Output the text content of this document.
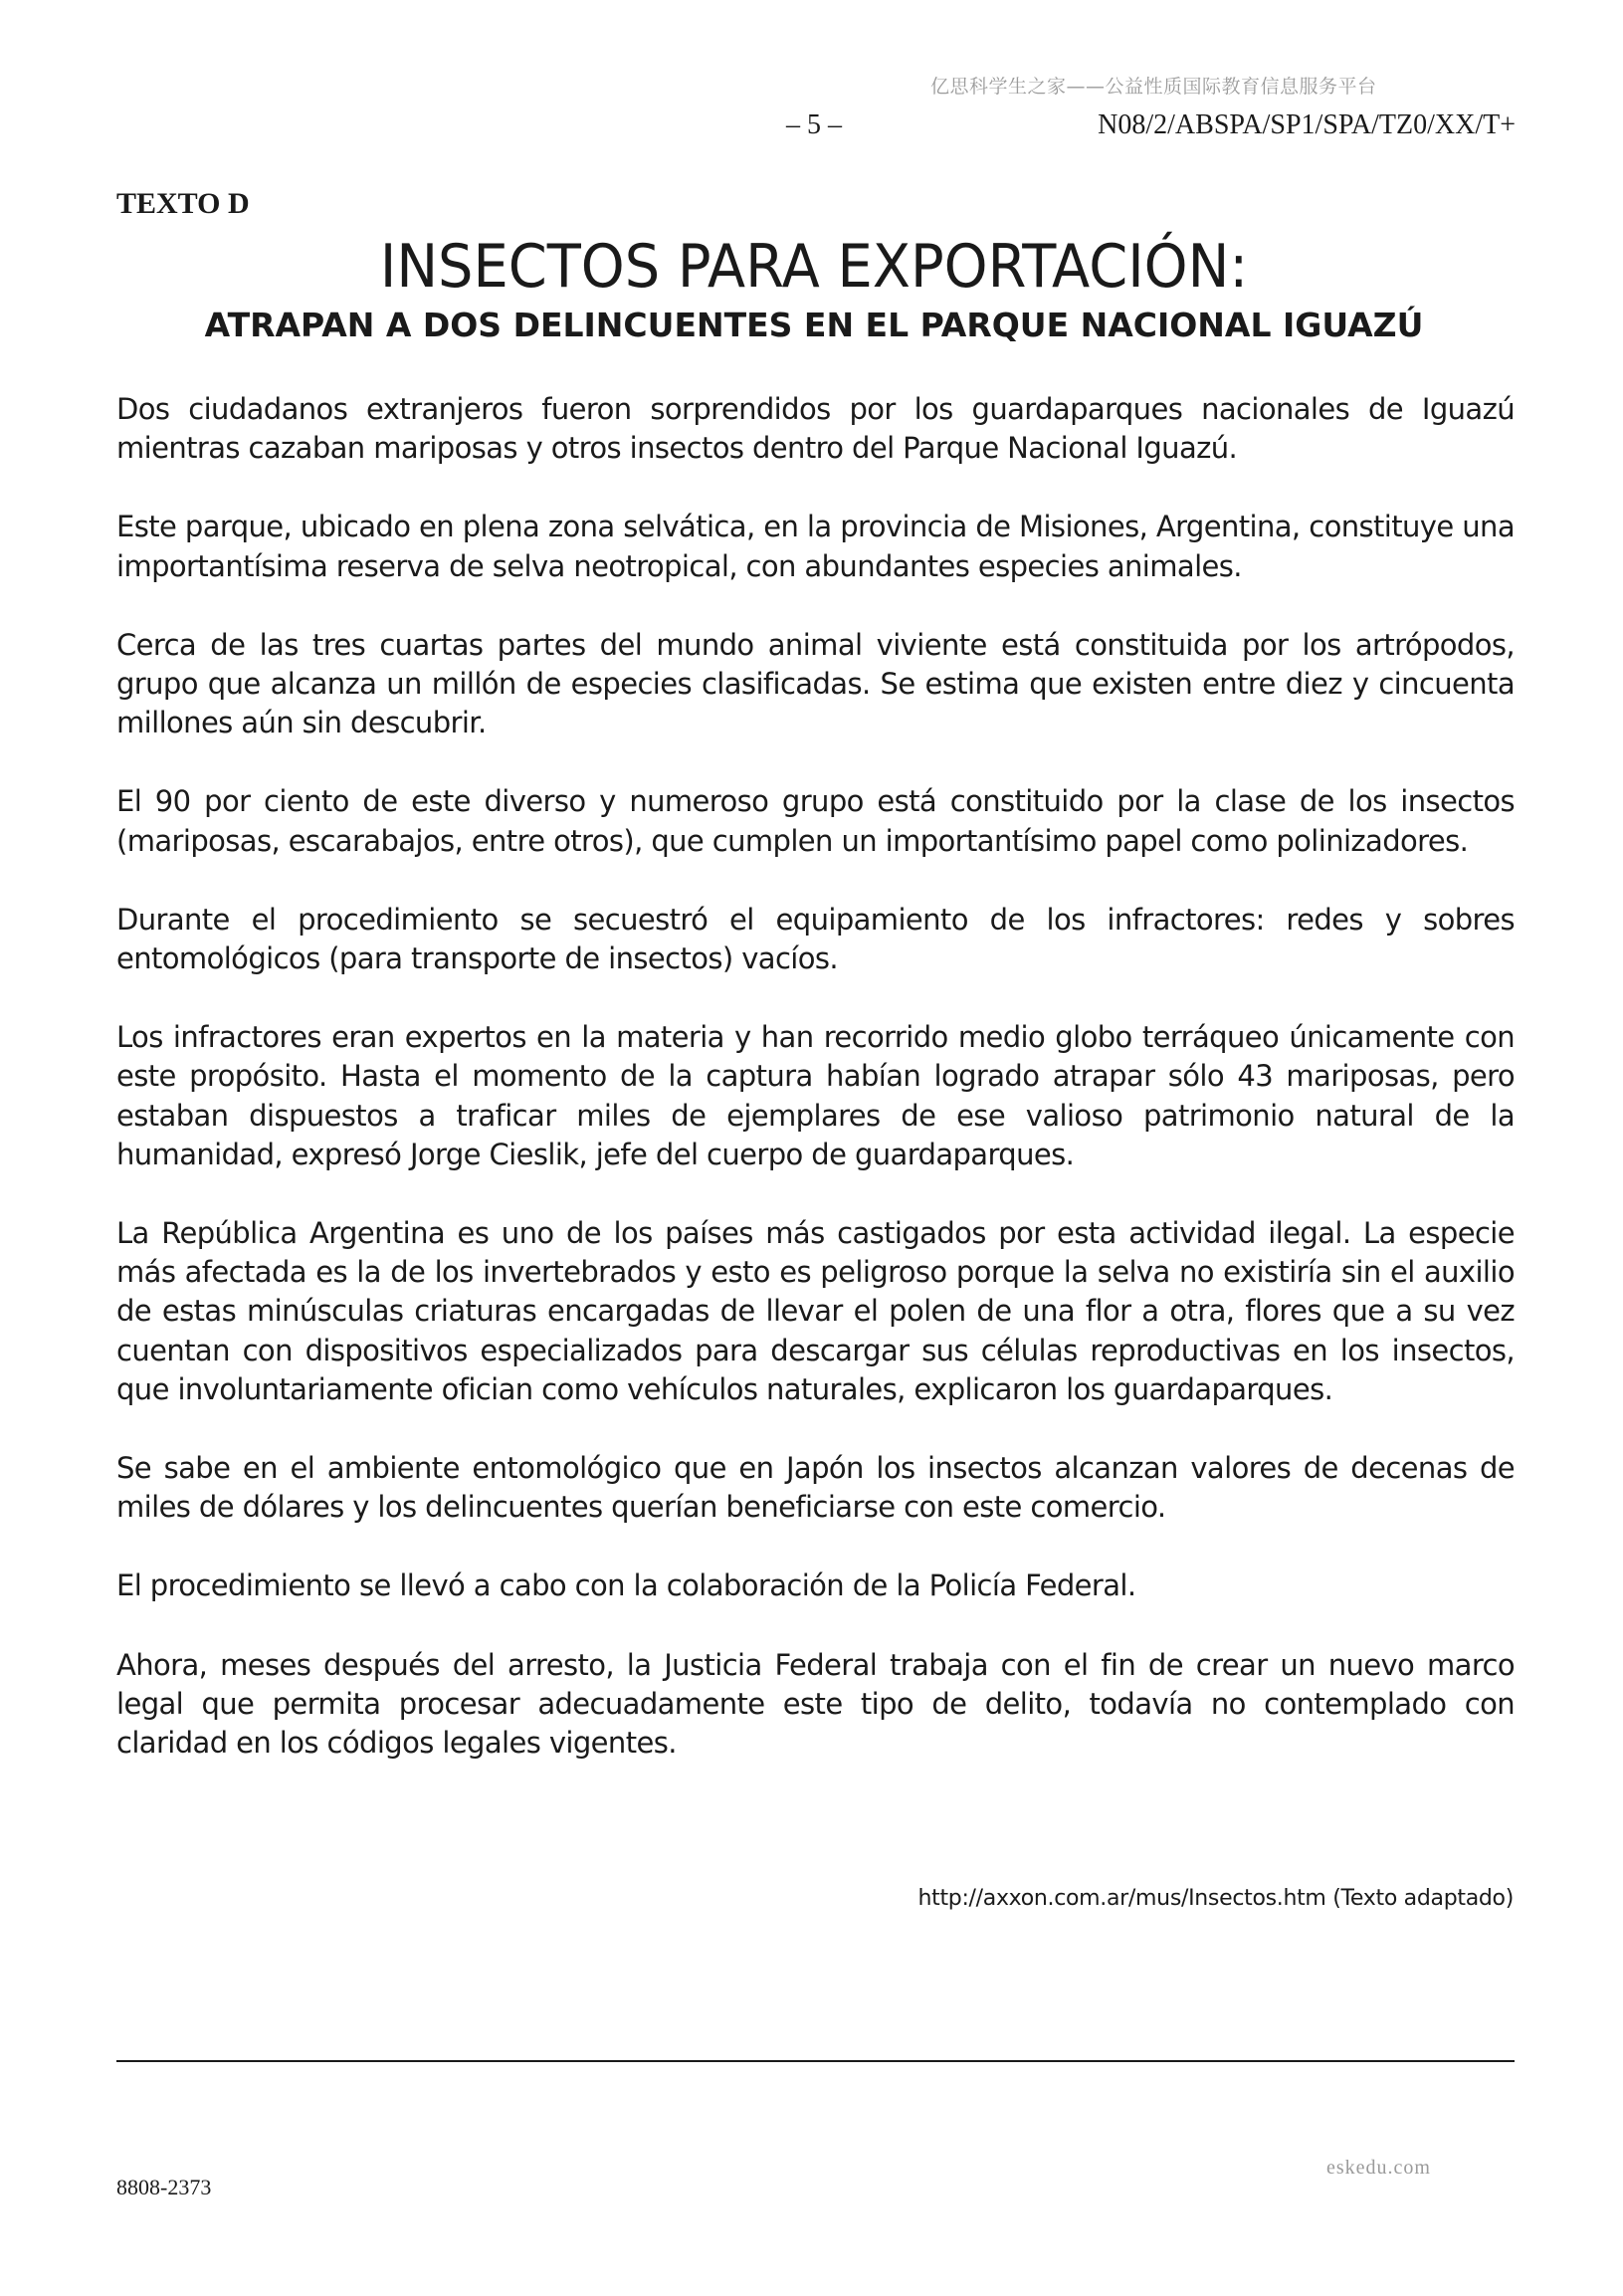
亿思科学生之家——公益性质国际教育信息服务平台
– 5 –	N08/2/ABSPA/SP1/SPA/TZ0/XX/T+
TEXTO D
INSECTOS PARA EXPORTACIÓN:
ATRAPAN A DOS DELINCUENTES EN EL PARQUE NACIONAL IGUAZÚ

Dos ciudadanos extranjeros fueron sorprendidos por los guardaparques nacionales de Iguazú mientras cazaban mariposas y otros insectos dentro del Parque Nacional Iguazú.

Este parque, ubicado en plena zona selvática, en la provincia de Misiones, Argentina, constituye una importantísima reserva de selva neotropical, con abundantes especies animales.

Cerca de las tres cuartas partes del mundo animal viviente está constituida por los artrópodos, grupo que alcanza un millón de especies clasificadas. Se estima que existen entre diez y cincuenta millones aún sin descubrir.

El 90 por ciento de este diverso y numeroso grupo está constituido por la clase de los insectos (mariposas, escarabajos, entre otros), que cumplen un importantísimo papel como polinizadores.

Durante el procedimiento se secuestró el equipamiento de los infractores: redes y sobres entomológicos (para transporte de insectos) vacíos.

Los infractores eran expertos en la materia y han recorrido medio globo terráqueo únicamente con este propósito. Hasta el momento de la captura habían logrado atrapar sólo 43 mariposas, pero estaban dispuestos a traficar miles de ejemplares de ese valioso patrimonio natural de la humanidad, expresó Jorge Cieslik, jefe del cuerpo de guardaparques.

La República Argentina es uno de los países más castigados por esta actividad ilegal. La especie más afectada es la de los invertebrados y esto es peligroso porque la selva no existiría sin el auxilio de estas minúsculas criaturas encargadas de llevar el polen de una flor a otra, flores que a su vez cuentan con dispositivos especializados para descargar sus células reproductivas en los insectos, que involuntariamente ofician como vehículos naturales, explicaron los guardaparques.

Se sabe en el ambiente entomológico que en Japón los insectos alcanzan valores de decenas de miles de dólares y los delincuentes querían beneficiarse con este comercio.

El procedimiento se llevó a cabo con la colaboración de la Policía Federal.

Ahora, meses después del arresto, la Justicia Federal trabaja con el fin de crear un nuevo marco legal que permita procesar adecuadamente este tipo de delito, todavía no contemplado con claridad en los códigos legales vigentes.

http://axxon.com.ar/mus/Insectos.htm (Texto adaptado)
8808-2373
eskedu.com
